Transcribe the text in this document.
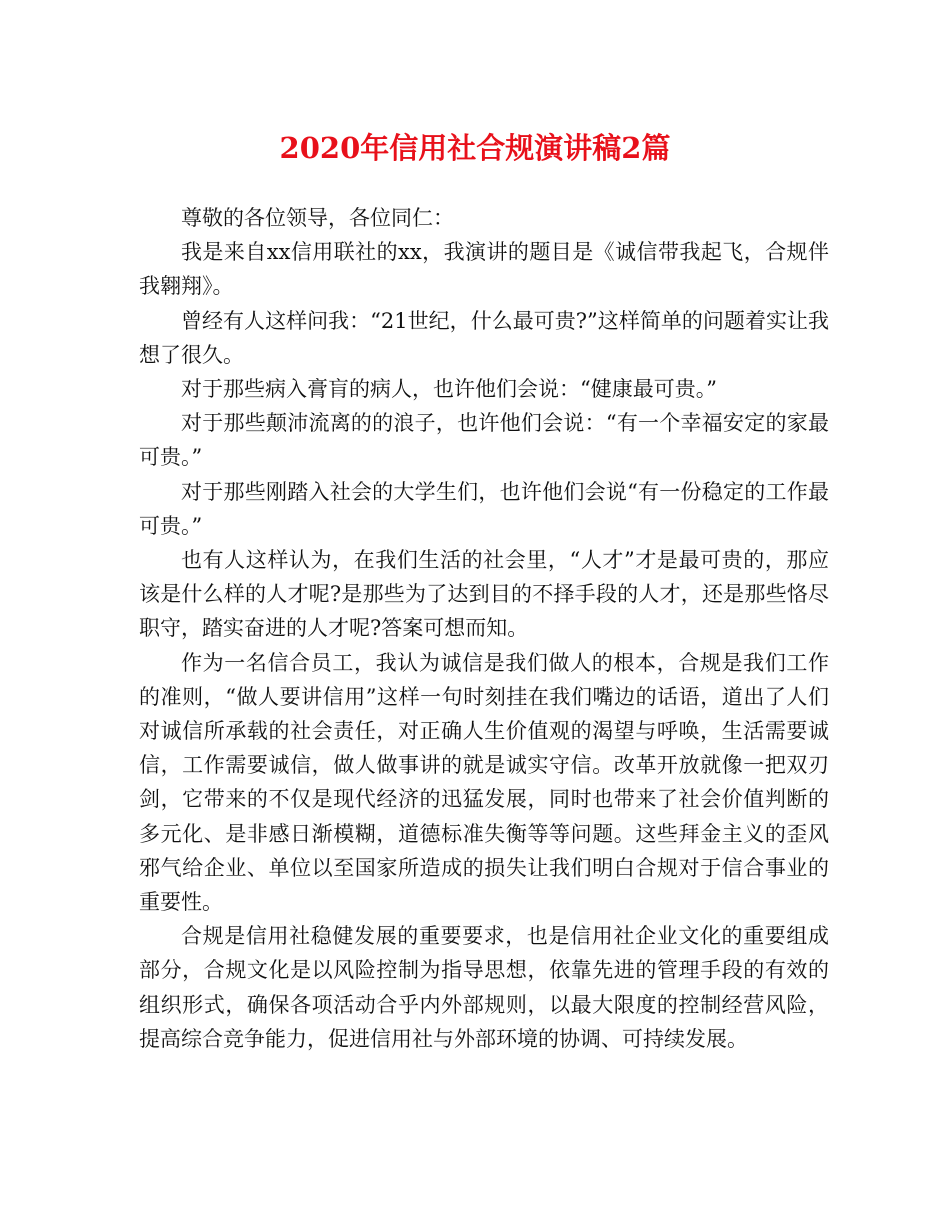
2020年信用社合规演讲稿2篇

尊敬的各位领导，各位同仁：

我是来自xx信用联社的xx，我演讲的题目是《诚信带我起飞，合规伴我翱翔》。

曾经有人这样问我：“21世纪，什么最可贵?”这样简单的问题着实让我想了很久。

对于那些病入膏肓的病人，也许他们会说：“健康最可贵。”

对于那些颠沛流离的的浪子，也许他们会说：“有一个幸福安定的家最可贵。”

对于那些刚踏入社会的大学生们，也许他们会说“有一份稳定的工作最可贵。”

也有人这样认为，在我们生活的社会里，“人才”才是最可贵的，那应该是什么样的人才呢?是那些为了达到目的不择手段的人才，还是那些恪尽职守，踏实奋进的人才呢?答案可想而知。

作为一名信合员工，我认为诚信是我们做人的根本，合规是我们工作的准则，“做人要讲信用”这样一句时刻挂在我们嘴边的话语，道出了人们对诚信所承载的社会责任，对正确人生价值观的渴望与呼唤，生活需要诚信，工作需要诚信，做人做事讲的就是诚实守信。改革开放就像一把双刃剑，它带来的不仅是现代经济的迅猛发展，同时也带来了社会价值判断的多元化、是非感日渐模糊，道德标准失衡等等问题。这些拜金主义的歪风邪气给企业、单位以至国家所造成的损失让我们明白合规对于信合事业的重要性。

合规是信用社稳健发展的重要要求，也是信用社企业文化的重要组成部分，合规文化是以风险控制为指导思想，依靠先进的管理手段的有效的组织形式，确保各项活动合乎内外部规则，以最大限度的控制经营风险，提高综合竞争能力，促进信用社与外部环境的协调、可持续发展。
